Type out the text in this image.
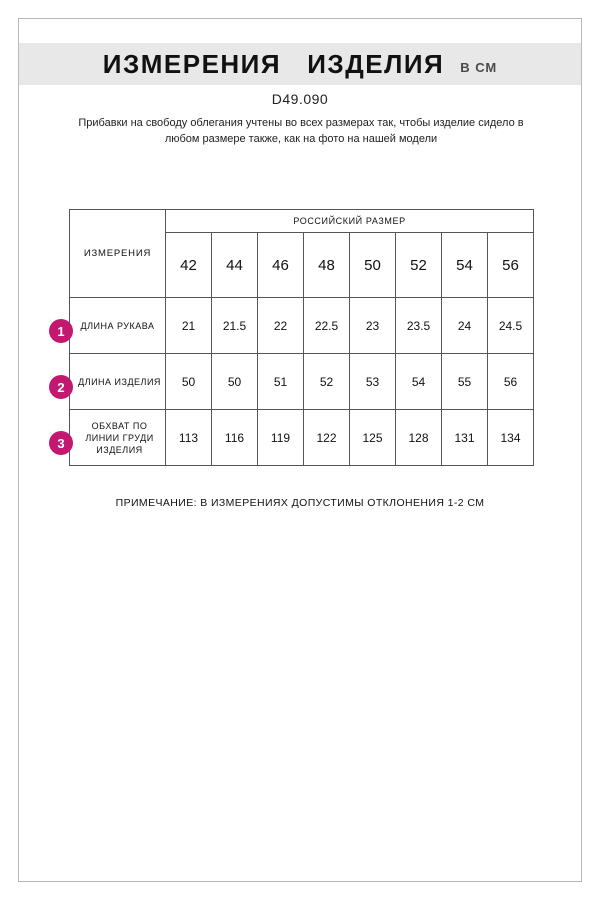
ИЗМЕРЕНИЯ   ИЗДЕЛИЯ В СМ
D49.090
Прибавки на свободу облегания учтены во всех размерах так, чтобы изделие сидело в любом размере также, как на фото на нашей модели
ИЗМЕРЕНИЯ	РОССИЙСКИЙ РАЗМЕР							
	42	44	46	48	50	52	54	56
ДЛИНА РУКАВА	21	21.5	22	22.5	23	23.5	24	24.5
ДЛИНА ИЗДЕЛИЯ	50	50	51	52	53	54	55	56
ОБХВАТ ПО ЛИНИИ ГРУДИ ИЗДЕЛИЯ	113	116	119	122	125	128	131	134
1
2
3
ПРИМЕЧАНИЕ: В ИЗМЕРЕНИЯХ ДОПУСТИМЫ ОТКЛОНЕНИЯ 1-2 СМ
